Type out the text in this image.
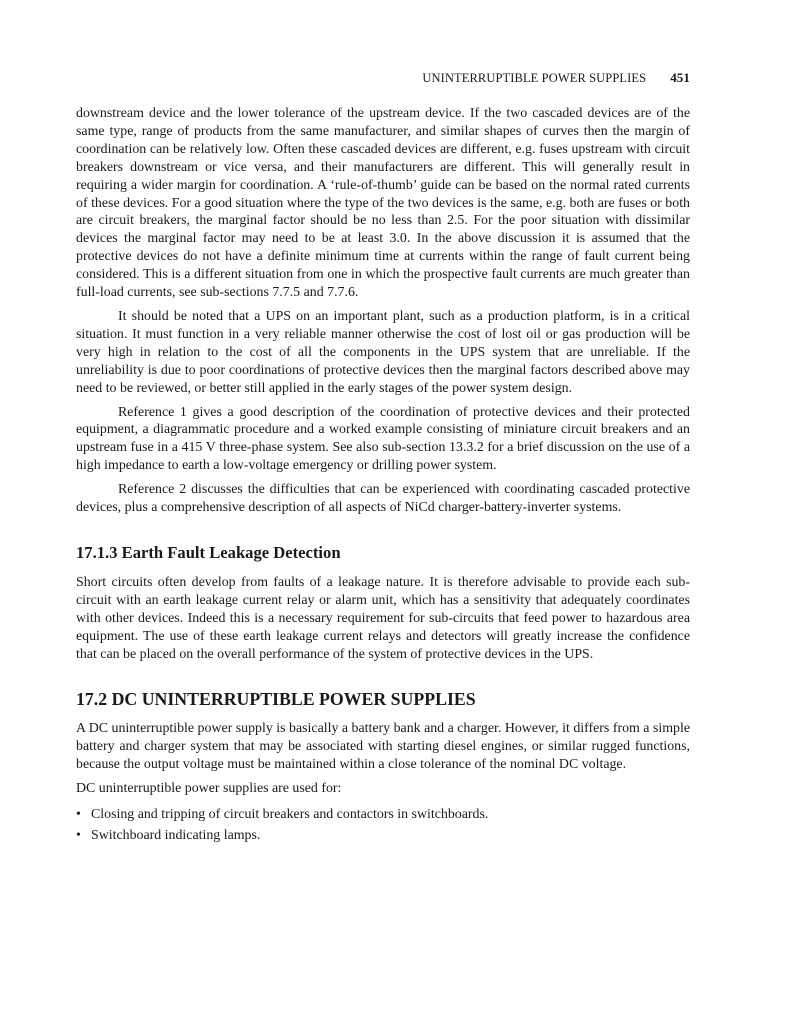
UNINTERRUPTIBLE POWER SUPPLIES 451

downstream device and the lower tolerance of the upstream device. If the two cascaded devices are of the same type, range of products from the same manufacturer, and similar shapes of curves then the margin of coordination can be relatively low. Often these cascaded devices are different, e.g. fuses upstream with circuit breakers downstream or vice versa, and their manufacturers are different. This will generally result in requiring a wider margin for coordination. A ‘rule-of-thumb’ guide can be based on the normal rated currents of these devices. For a good situation where the type of the two devices is the same, e.g. both are fuses or both are circuit breakers, the marginal factor should be no less than 2.5. For the poor situation with dissimilar devices the marginal factor may need to be at least 3.0. In the above discussion it is assumed that the protective devices do not have a definite minimum time at currents within the range of fault current being considered. This is a different situation from one in which the prospective fault currents are much greater than full-load currents, see sub-sections 7.7.5 and 7.7.6.

It should be noted that a UPS on an important plant, such as a production platform, is in a critical situation. It must function in a very reliable manner otherwise the cost of lost oil or gas production will be very high in relation to the cost of all the components in the UPS system that are unreliable. If the unreliability is due to poor coordinations of protective devices then the marginal factors described above may need to be reviewed, or better still applied in the early stages of the power system design.

Reference 1 gives a good description of the coordination of protective devices and their protected equipment, a diagrammatic procedure and a worked example consisting of miniature circuit breakers and an upstream fuse in a 415 V three-phase system. See also sub-section 13.3.2 for a brief discussion on the use of a high impedance to earth a low-voltage emergency or drilling power system.

Reference 2 discusses the difficulties that can be experienced with coordinating cascaded protective devices, plus a comprehensive description of all aspects of NiCd charger-battery-inverter systems.

17.1.3 Earth Fault Leakage Detection

Short circuits often develop from faults of a leakage nature. It is therefore advisable to provide each sub-circuit with an earth leakage current relay or alarm unit, which has a sensitivity that adequately coordinates with other devices. Indeed this is a necessary requirement for sub-circuits that feed power to hazardous area equipment. The use of these earth leakage current relays and detectors will greatly increase the confidence that can be placed on the overall performance of the system of protective devices in the UPS.

17.2 DC UNINTERRUPTIBLE POWER SUPPLIES

A DC uninterruptible power supply is basically a battery bank and a charger. However, it differs from a simple battery and charger system that may be associated with starting diesel engines, or similar rugged functions, because the output voltage must be maintained within a close tolerance of the nominal DC voltage.

DC uninterruptible power supplies are used for:

• Closing and tripping of circuit breakers and contactors in switchboards.
• Switchboard indicating lamps.
